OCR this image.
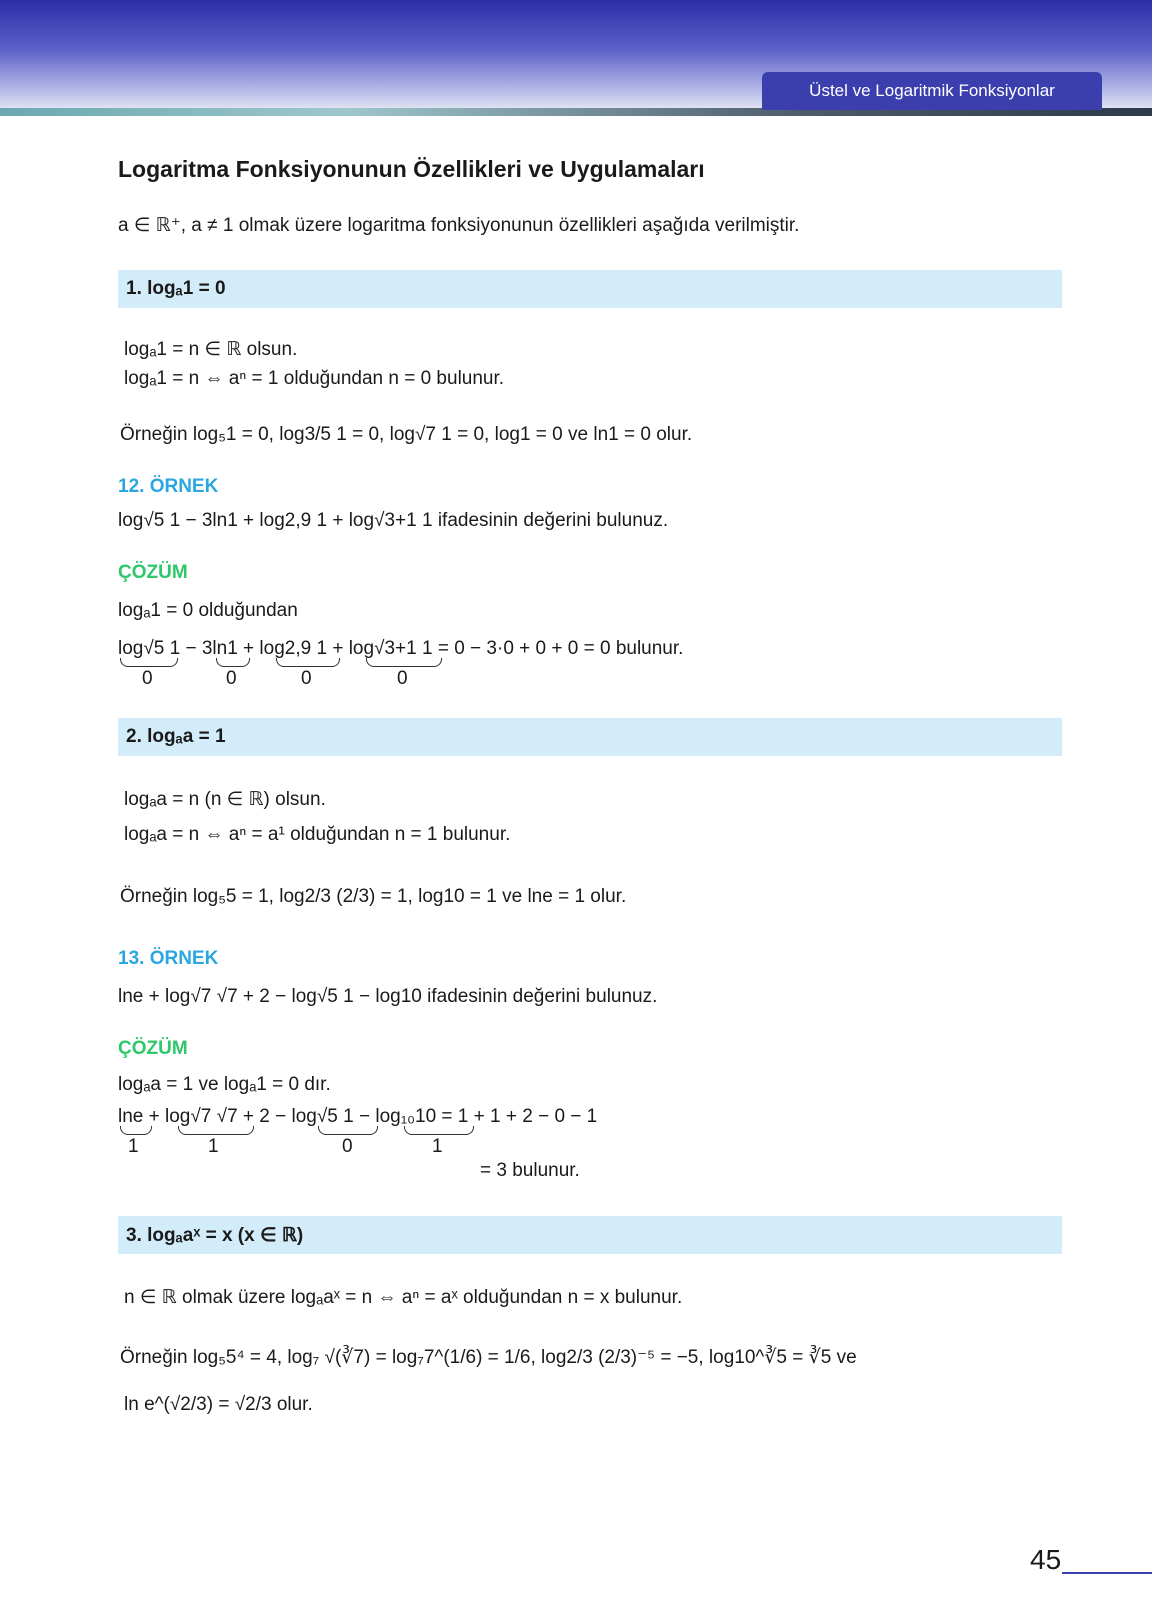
Üstel ve Logaritmik Fonksiyonlar
Logaritma Fonksiyonunun Özellikleri ve Uygulamaları
a ∈ ℝ⁺, a ≠ 1 olmak üzere logaritma fonksiyonunun özellikleri aşağıda verilmiştir.
1. logₐ1 = 0
logₐ1 = n ∈ ℝ olsun.
logₐ1 = n ⇔ aⁿ = 1 olduğundan n = 0 bulunur.
Örneğin log₅1 = 0, log3/5 1 = 0, log√7 1 = 0, log1 = 0 ve ln1 = 0 olur.
12. ÖRNEK
log√5 1 − 3ln1 + log2,9 1 + log√3+1 1 ifadesinin değerini bulunuz.
ÇÖZÜM
logₐ1 = 0 olduğundan
log√5 1 − 3ln1 + log2,9 1 + log√3+1 1 = 0 − 3·0 + 0 + 0 = 0 bulunur.
0	0	0	0
2. logₐa = 1
logₐa = n (n ∈ ℝ) olsun.
logₐa = n ⇔ aⁿ = a¹ olduğundan n = 1 bulunur.
Örneğin log₅5 = 1, log2/3 (2/3) = 1, log10 = 1 ve lne = 1 olur.
13. ÖRNEK
lne + log√7 √7 + 2 − log√5 1 − log10 ifadesinin değerini bulunuz.
ÇÖZÜM
logₐa = 1 ve logₐ1 = 0 dır.
lne + log√7 √7 + 2 − log√5 1 − log₁₀10 = 1 + 1 + 2 − 0 − 1
1	1	0	1
= 3 bulunur.
3. logₐaˣ = x (x ∈ ℝ)
n ∈ ℝ olmak üzere logₐaˣ = n ⇔ aⁿ = aˣ olduğundan n = x bulunur.
Örneğin log₅5⁴ = 4, log₇ √(∛7) = log₇7^(1/6) = 1/6, log2/3 (2/3)⁻⁵ = −5, log10^∛5 = ∛5 ve
ln e^(√2/3) = √2/3 olur.
45
